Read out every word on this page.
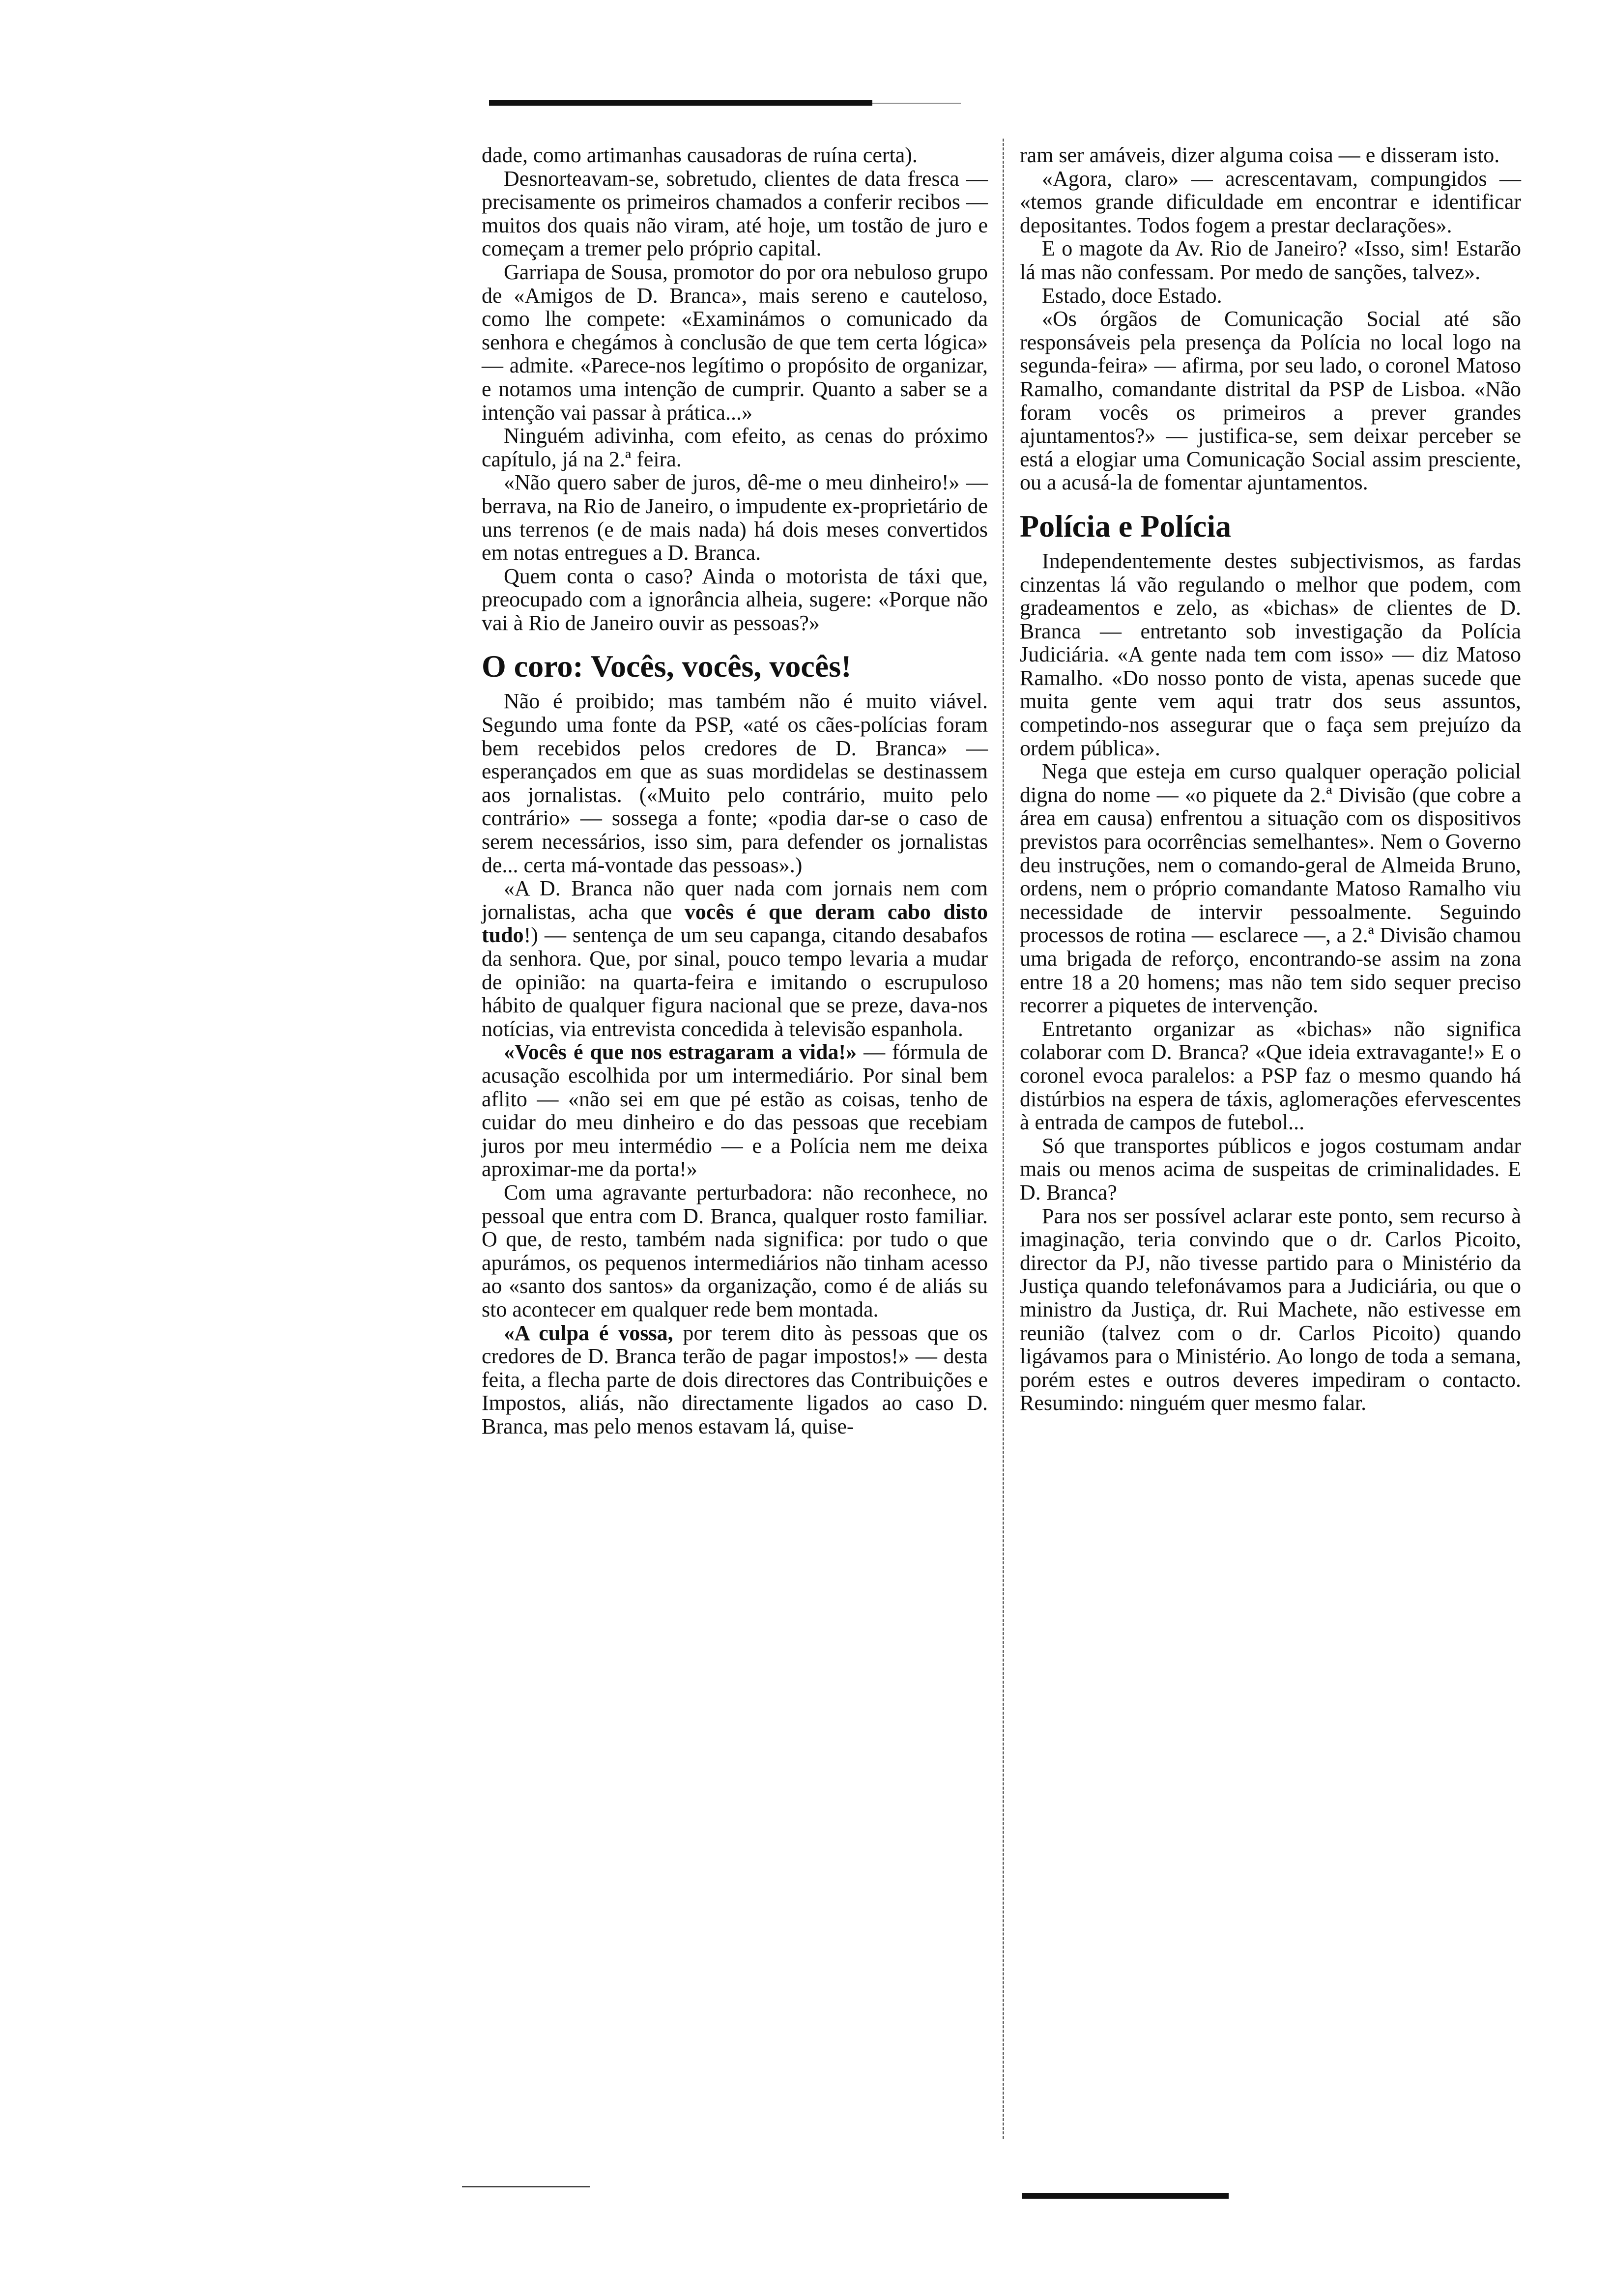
dade, como artimanhas causadoras de ruína certa).

Desnorteavam-se, sobretudo, clientes de data fresca — precisamente os primeiros chamados a conferir recibos — muitos dos quais não viram, até hoje, um tostão de juro e começam a tremer pelo próprio capital.

Garriapa de Sousa, promotor do por ora nebuloso grupo de «Amigos de D. Branca», mais sereno e cauteloso, como lhe compete: «Examinámos o comunicado da senhora e chegámos à conclusão de que tem certa lógica» — admite. «Parece-nos legítimo o propósito de organizar, e notamos uma intenção de cumprir. Quanto a saber se a intenção vai passar à prática...»

Ninguém adivinha, com efeito, as cenas do próximo capítulo, já na 2.ª feira.

«Não quero saber de juros, dê-me o meu dinheiro!» — berrava, na Rio de Janeiro, o impudente ex-proprietário de uns terrenos (e de mais nada) há dois meses convertidos em notas entregues a D. Branca.

Quem conta o caso? Ainda o motorista de táxi que, preocupado com a ignorância alheia, sugere: «Porque não vai à Rio de Janeiro ouvir as pessoas?»

O coro: Vocês, vocês, vocês!

Não é proibido; mas também não é muito viável. Segundo uma fonte da PSP, «até os cães-polícias foram bem recebidos pelos credores de D. Branca» — esperançados em que as suas mordidelas se destinassem aos jornalistas. («Muito pelo contrário, muito pelo contrário» — sossega a fonte; «podia dar-se o caso de serem necessários, isso sim, para defender os jornalistas de... certa má-vontade das pessoas».)

«A D. Branca não quer nada com jornais nem com jornalistas, acha que vocês é que deram cabo disto tudo!) — sentença de um seu capanga, citando desabafos da senhora. Que, por sinal, pouco tempo levaria a mudar de opinião: na quarta-feira e imitando o escrupuloso hábito de qualquer figura nacional que se preze, dava-nos notícias, via entrevista concedida à televisão espanhola.

«Vocês é que nos estragaram a vida!» — fórmula de acusação escolhida por um intermediário. Por sinal bem aflito — «não sei em que pé estão as coisas, tenho de cuidar do meu dinheiro e do das pessoas que recebiam juros por meu intermédio — e a Polícia nem me deixa aproximar-me da porta!»

Com uma agravante perturbadora: não reconhece, no pessoal que entra com D. Branca, qualquer rosto familiar. O que, de resto, também nada significa: por tudo o que apurámos, os pequenos intermediários não tinham acesso ao «santo dos santos» da organização, como é de aliás su sto acontecer em qualquer rede bem montada.

«A culpa é vossa, por terem dito às pessoas que os credores de D. Branca terão de pagar impostos!» — desta feita, a flecha parte de dois directores das Contribuições e Impostos, aliás, não directamente ligados ao caso D. Branca, mas pelo menos estavam lá, quise-

ram ser amáveis, dizer alguma coisa — e disseram isto.

«Agora, claro» — acrescentavam, compungidos — «temos grande dificuldade em encontrar e identificar depositantes. Todos fogem a prestar declarações».

E o magote da Av. Rio de Janeiro? «Isso, sim! Estarão lá mas não confessam. Por medo de sanções, talvez».

Estado, doce Estado.

«Os órgãos de Comunicação Social até são responsáveis pela presença da Polícia no local logo na segunda-feira» — afirma, por seu lado, o coronel Matoso Ramalho, comandante distrital da PSP de Lisboa. «Não foram vocês os primeiros a prever grandes ajuntamentos?» — justifica-se, sem deixar perceber se está a elogiar uma Comunicação Social assim presciente, ou a acusá-la de fomentar ajuntamentos.

Polícia e Polícia

Independentemente destes subjectivismos, as fardas cinzentas lá vão regulando o melhor que podem, com gradeamentos e zelo, as «bichas» de clientes de D. Branca — entretanto sob investigação da Polícia Judiciária. «A gente nada tem com isso» — diz Matoso Ramalho. «Do nosso ponto de vista, apenas sucede que muita gente vem aqui tratr dos seus assuntos, competindo-nos assegurar que o faça sem prejuízo da ordem pública».

Nega que esteja em curso qualquer operação policial digna do nome — «o piquete da 2.ª Divisão (que cobre a área em causa) enfrentou a situação com os dispositivos previstos para ocorrências semelhantes». Nem o Governo deu instruções, nem o comando-geral de Almeida Bruno, ordens, nem o próprio comandante Matoso Ramalho viu necessidade de intervir pessoalmente. Seguindo processos de rotina — esclarece —, a 2.ª Divisão chamou uma brigada de reforço, encontrando-se assim na zona entre 18 a 20 homens; mas não tem sido sequer preciso recorrer a piquetes de intervenção.

Entretanto organizar as «bichas» não significa colaborar com D. Branca? «Que ideia extravagante!» E o coronel evoca paralelos: a PSP faz o mesmo quando há distúrbios na espera de táxis, aglomerações efervescentes à entrada de campos de futebol...

Só que transportes públicos e jogos costumam andar mais ou menos acima de suspeitas de criminalidades. E D. Branca?

Para nos ser possível aclarar este ponto, sem recurso à imaginação, teria convindo que o dr. Carlos Picoito, director da PJ, não tivesse partido para o Ministério da Justiça quando telefonávamos para a Judiciária, ou que o ministro da Justiça, dr. Rui Machete, não estivesse em reunião (talvez com o dr. Carlos Picoito) quando ligávamos para o Ministério. Ao longo de toda a semana, porém estes e outros deveres impediram o contacto. Resumindo: ninguém quer mesmo falar.
